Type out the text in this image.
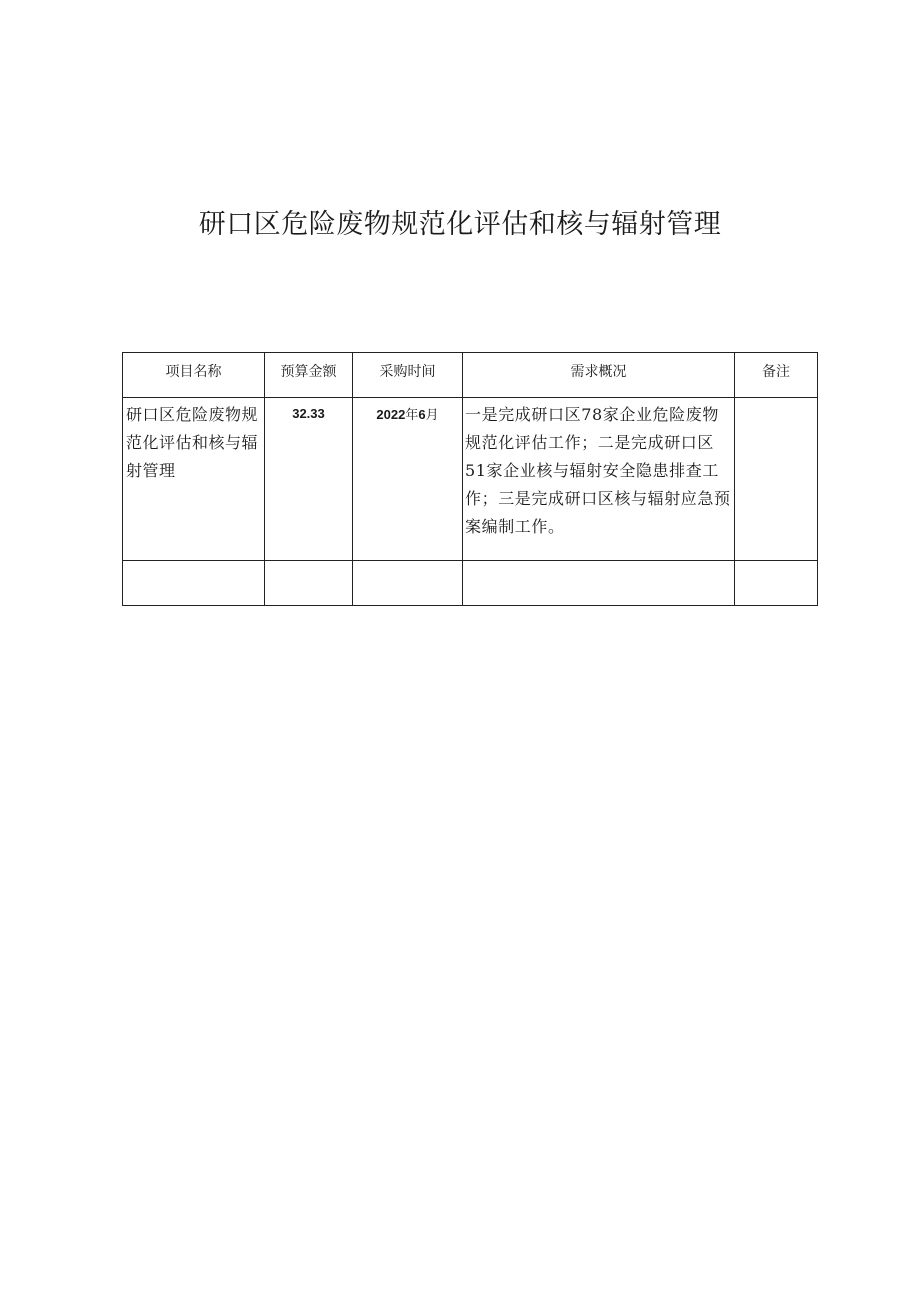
研口区危险废物规范化评估和核与辐射管理
项目名称	预算金额	采购时间	需求概况	备注
研口区危险废物规范化评估和核与辐射管理	32.33	2022年6月	一是完成研口区78家企业危险废物规范化评估工作；二是完成研口区51家企业核与辐射安全隐患排查工作；三是完成研口区核与辐射应急预案编制工作。	
